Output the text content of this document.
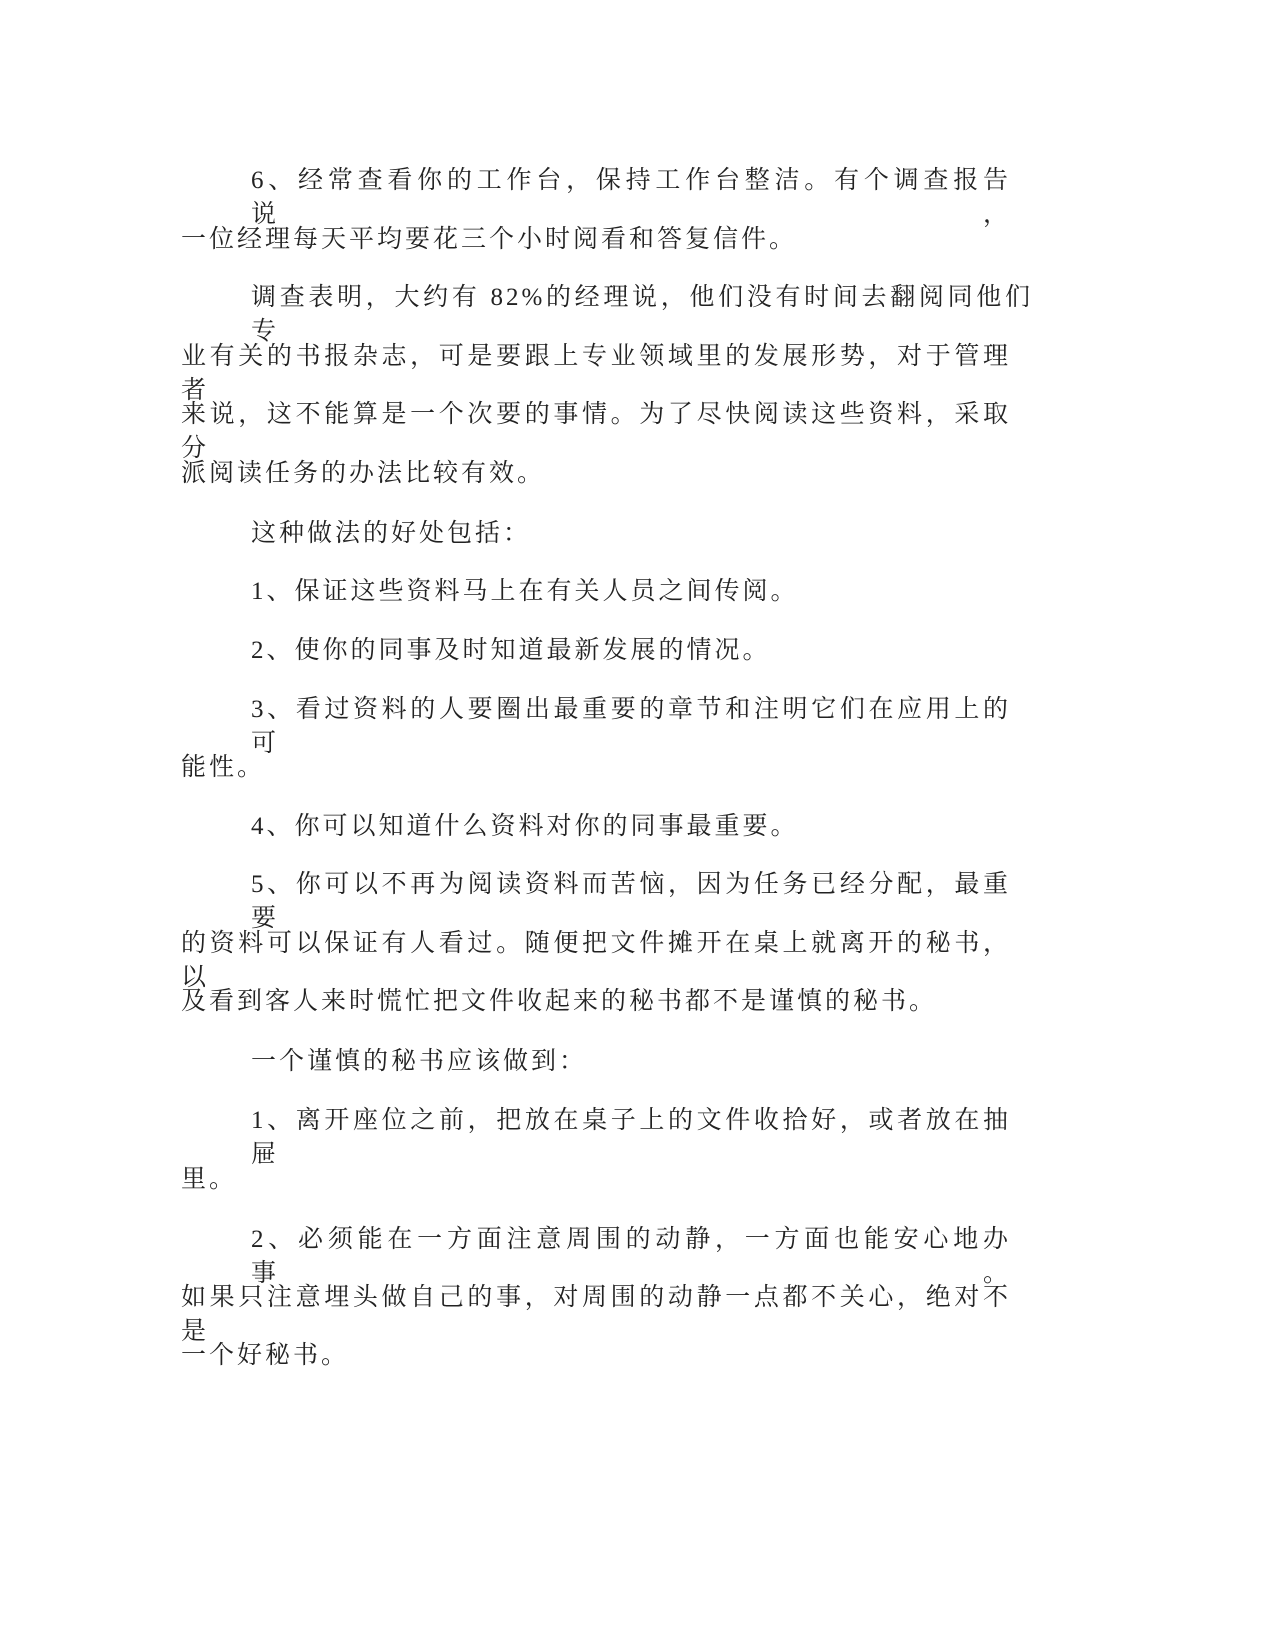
6、经常查看你的工作台，保持工作台整洁。有个调查报告说，
一位经理每天平均要花三个小时阅看和答复信件。
调查表明，大约有 82%的经理说，他们没有时间去翻阅同他们专
业有关的书报杂志，可是要跟上专业领域里的发展形势，对于管理者
来说，这不能算是一个次要的事情。为了尽快阅读这些资料，采取分
派阅读任务的办法比较有效。
这种做法的好处包括：
1、保证这些资料马上在有关人员之间传阅。
2、使你的同事及时知道最新发展的情况。
3、看过资料的人要圈出最重要的章节和注明它们在应用上的可
能性。
4、你可以知道什么资料对你的同事最重要。
5、你可以不再为阅读资料而苦恼，因为任务已经分配，最重要
的资料可以保证有人看过。随便把文件摊开在桌上就离开的秘书，以
及看到客人来时慌忙把文件收起来的秘书都不是谨慎的秘书。
一个谨慎的秘书应该做到：
1、离开座位之前，把放在桌子上的文件收拾好，或者放在抽屉
里。
2、必须能在一方面注意周围的动静，一方面也能安心地办事。
如果只注意埋头做自己的事，对周围的动静一点都不关心，绝对不是
一个好秘书。
